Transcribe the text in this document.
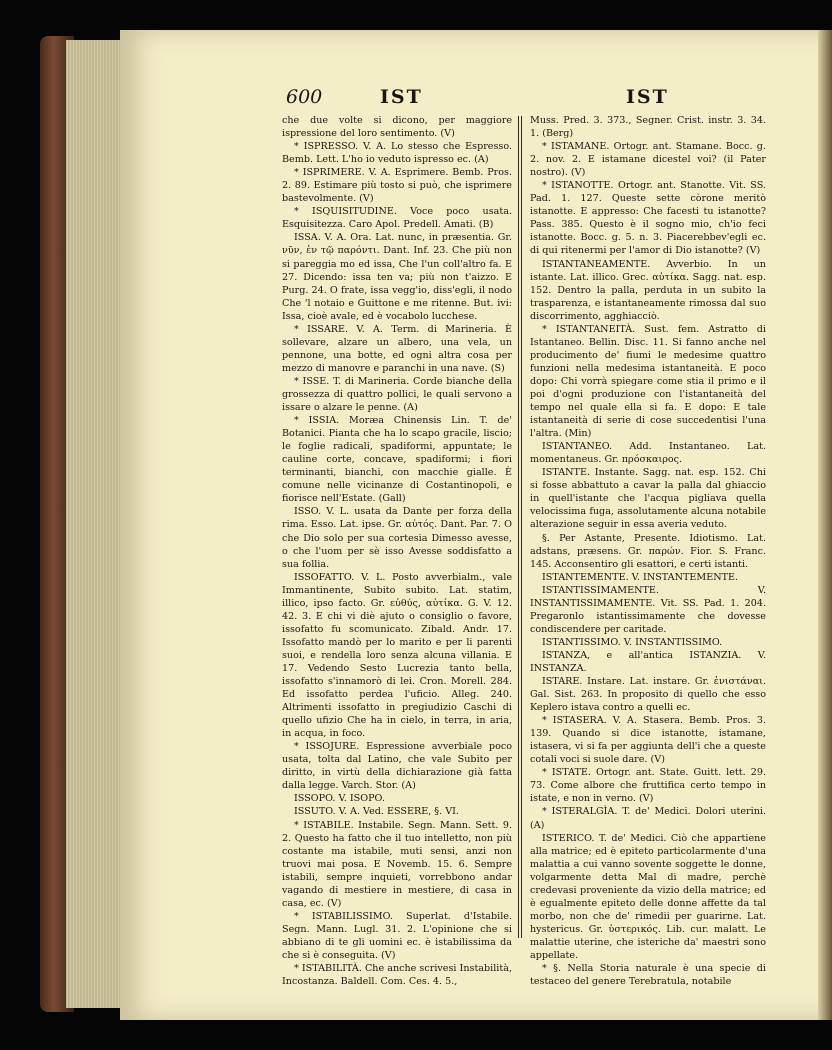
600	IST	IST

che due volte si dicono, per maggiore ispressione del loro sentimento. (V)

* ISPRESSO. V. A. Lo stesso che Espresso. Bemb. Lett. L'ho io veduto ispresso ec. (A)

* ISPRIMERE. V. A. Esprimere. Bemb. Pros. 2. 89. Estimare più tosto si può, che isprimere bastevolmente. (V)

* ISQUISITUDINE. Voce poco usata. Esquisitezza. Caro Apol. Predell. Amati. (B)

ISSA. V. A. Ora. Lat. nunc, in præsentia. Gr. νῦν, ἐν τῷ παρόντι. Dant. Inf. 23. Che più non si pareggia mo ed issa, Che l'un coll'altro fa. E 27. Dicendo: issa ten va; più non t'aizzo. E Purg. 24. O frate, issa vegg'io, diss'egli, il nodo Che 'l notaio e Guittone e me ritenne. But. ivi: Issa, cioè avale, ed è vocabolo lucchese.

* ISSARE. V. A. Term. di Marineria. È sollevare, alzare un albero, una vela, un pennone, una botte, ed ogni altra cosa per mezzo di manovre e paranchi in una nave. (S)

* ISSE. T. di Marineria. Corde bianche della grossezza di quattro pollici, le quali servono a issare o alzare le penne. (A)

* ISSIA. Moræa Chinensis Lin. T. de' Botanici. Pianta che ha lo scapo gracile, liscio; le foglie radicali, spadiformi, appuntate; le cauline corte, concave, spadiformi; i fiori terminanti, bianchi, con macchie gialle. È comune nelle vicinanze di Costantinopoli, e fiorisce nell'Estate. (Gall)

ISSO. V. L. usata da Dante per forza della rima. Esso. Lat. ipse. Gr. αὐτός. Dant. Par. 7. O che Dio solo per sua cortesia Dimesso avesse, o che l'uom per sè isso Avesse soddisfatto a sua follia.

ISSOFATTO. V. L. Posto avverbialm., vale Immantinente, Subito subito. Lat. statim, illico, ipso facto. Gr. εὐθύς, αὐτίκα. G. V. 12. 42. 3. E chi vi diè ajuto o consiglio o favore, issofatto fu scomunicato. Zibald. Andr. 17. Issofatto mandò per lo marito e per li parenti suoi, e rendella loro senza alcuna villania. E 17. Vedendo Sesto Lucrezia tanto bella, issofatto s'innamorò di lei. Cron. Morell. 284. Ed issofatto perdea l'uficio. Alleg. 240. Altrimenti issofatto in pregiudizio Caschi di quello ufizio Che ha in cielo, in terra, in aria, in acqua, in foco.

* ISSOJURE. Espressione avverbiale poco usata, tolta dal Latino, che vale Subito per diritto, in virtù della dichiarazione già fatta dalla legge. Varch. Stor. (A)

ISSOPO. V. ISOPO.

ISSUTO. V. A. Ved. ESSERE, §. VI.

* ISTABILE. Instabile. Segn. Mann. Sett. 9. 2. Questo ha fatto che il tuo intelletto, non più costante ma istabile, muti sensi, anzi non truovi mai posa. E Novemb. 15. 6. Sempre istabili, sempre inquieti, vorrebbono andar vagando di mestiere in mestiere, di casa in casa, ec. (V)

* ISTABILISSIMO. Superlat. d'Istabile. Segn. Mann. Lugl. 31. 2. L'opinione che si abbiano di te gli uomini ec. è istabilissima da che si è conseguita. (V)

* ISTABILITÀ. Che anche scrivesi Instabilità, Incostanza. Baldell. Com. Ces. 4. 5.,

Muss. Pred. 3. 373., Segner. Crist. instr. 3. 34. 1. (Berg)

* ISTAMANE. Ortogr. ant. Stamane. Bocc. g. 2. nov. 2. E istamane dicestel voi? (il Pater nostro). (V)

* ISTANOTTE. Ortogr. ant. Stanotte. Vit. SS. Pad. 1. 127. Queste sette còrone meritò istanotte. E appresso: Che facesti tu istanotte? Pass. 385. Questo è il sogno mio, ch'io feci istanotte. Bocc. g. 5. n. 3. Piacerebbev'egli ec. di qui ritenermi per l'amor di Dio istanotte? (V)

ISTANTANEAMENTE. Avverbio. In un istante. Lat. illico. Grec. αὐτίκα. Sagg. nat. esp. 152. Dentro la palla, perduta in un subito la trasparenza, e istantaneamente rimossa dal suo discorrimento, agghiacciò.

* ISTANTANEITÀ. Sust. fem. Astratto di Istantaneo. Bellin. Disc. 11. Si fanno anche nel producimento de' fiumi le medesime quattro funzioni nella medesima istantaneità. E poco dopo: Chi vorrà spiegare come stia il primo e il poi d'ogni produzione con l'istantaneità del tempo nel quale ella si fa. E dopo: E tale istantaneità di serie di cose succedentisi l'una l'altra. (Min)

ISTANTANEO. Add. Instantaneo. Lat. momentaneus. Gr. πρόσκαιρος.

ISTANTE. Instante. Sagg. nat. esp. 152. Chi si fosse abbattuto a cavar la palla dal ghiaccio in quell'istante che l'acqua pigliava quella velocissima fuga, assolutamente alcuna notabile alterazione seguir in essa averia veduto.

§. Per Astante, Presente. Idiotismo. Lat. adstans, præsens. Gr. παρών. Fior. S. Franc. 145. Acconsentiro gli esattori, e certi istanti.

ISTANTEMENTE. V. INSTANTEMENTE.

ISTANTISSIMAMENTE. V. INSTANTISSIMAMENTE. Vit. SS. Pad. 1. 204. Pregaronlo istantissimamente che dovesse condiscendere per caritade.

ISTANTISSIMO. V. INSTANTISSIMO.

ISTANZA, e all'antica ISTANZIA. V. INSTANZA.

ISTARE. Instare. Lat. instare. Gr. ἐνιστάναι. Gal. Sist. 263. In proposito di quello che esso Keplero istava contro a quelli ec.

* ISTASERA. V. A. Stasera. Bemb. Pros. 3. 139. Quando si dice istanotte, istamane, istasera, vi si fa per aggiunta dell'i che a queste cotali voci si suole dare. (V)

* ISTATE. Ortogr. ant. State. Guitt. lett. 29. 73. Come albore che fruttifica certo tempo in istate, e non in verno. (V)

* ISTERALGÌA. T. de' Medici. Dolori uterini. (A)

ISTERICO. T. de' Medici. Ciò che appartiene alla matrice; ed è epiteto particolarmente d'una malattia a cui vanno sovente soggette le donne, volgarmente detta Mal di madre, perchè credevasi proveniente da vizio della matrice; ed è egualmente epiteto delle donne affette da tal morbo, non che de' rimedii per guarirne. Lat. hystericus. Gr. ὑστερικός. Lib. cur. malatt. Le malattie uterine, che isteriche da' maestri sono appellate.

* §. Nella Storia naturale è una specie di testaceo del genere Terebratula, notabile
